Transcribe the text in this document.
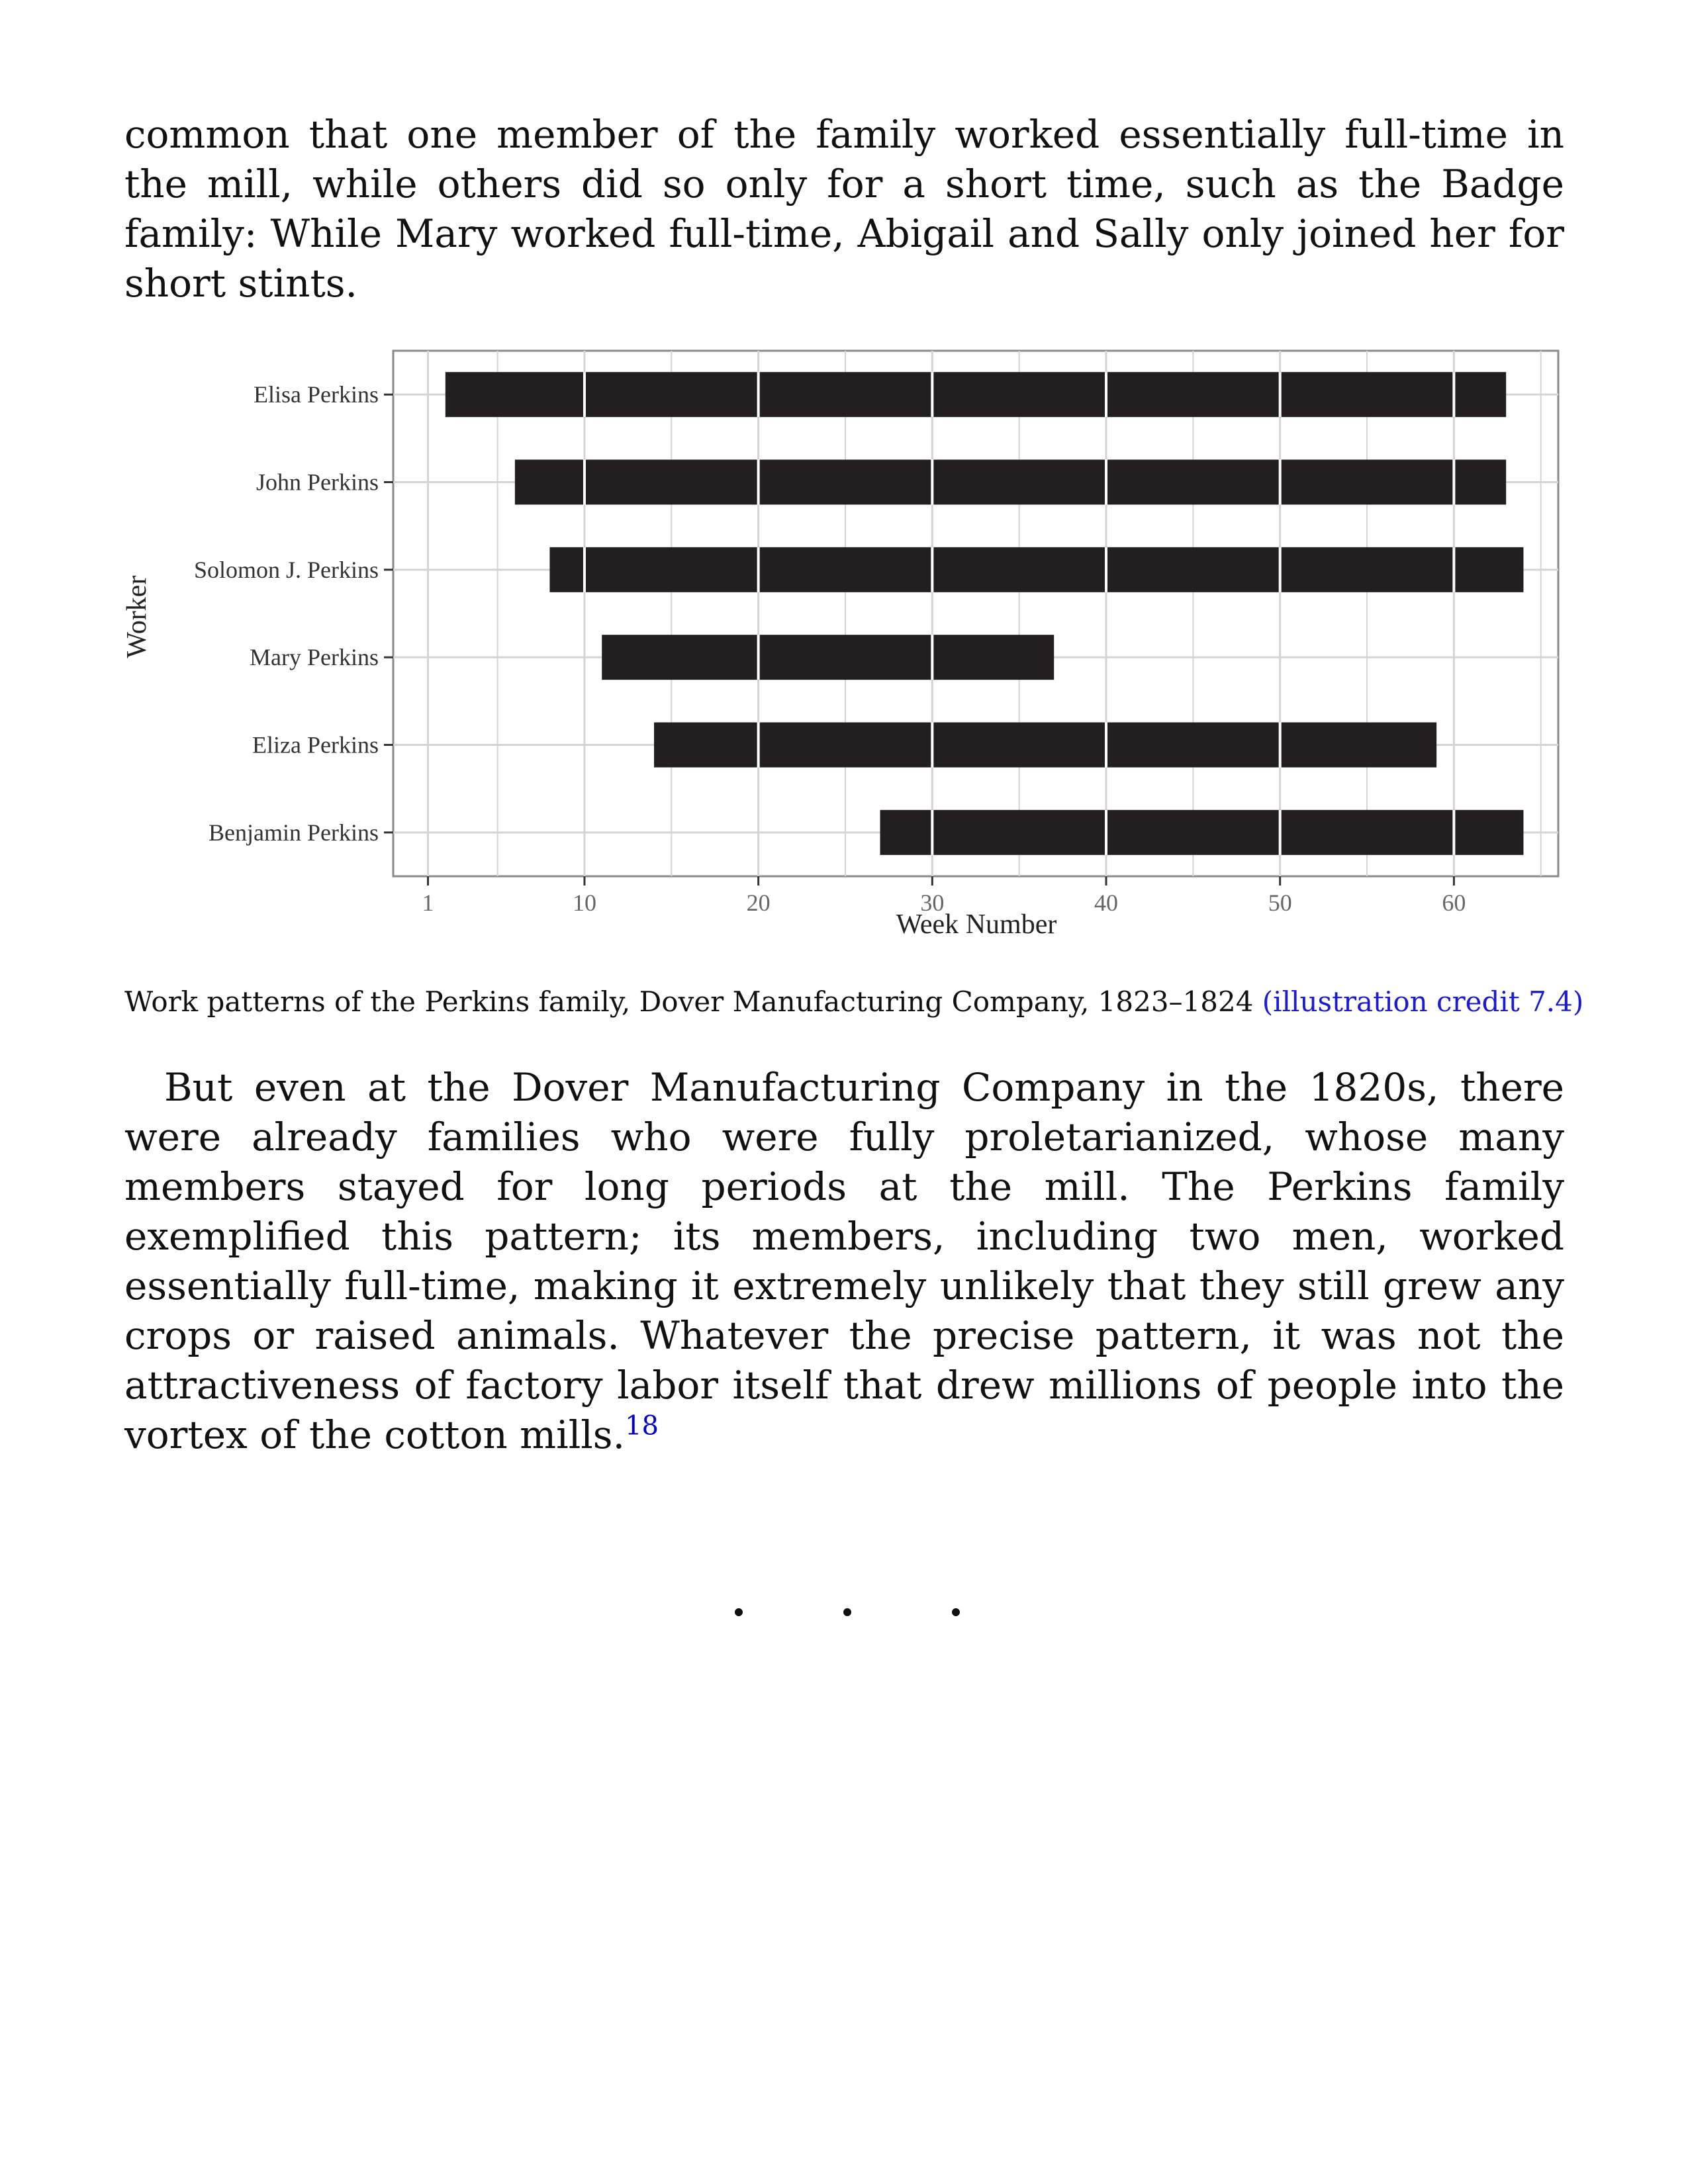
common that one member of the family worked essentially full-time in the mill, while others did so only for a short time, such as the Badge family: While Mary worked full-time, Abigail and Sally only joined her for short stints.

Elisa Perkins
John Perkins
Solomon J. Perkins
Mary Perkins
Eliza Perkins
Benjamin Perkins
1	10	20	30	40	50	60
Week Number
Worker
Work patterns of the Perkins family, Dover Manufacturing Company, 1823–1824 (illustration credit 7.4)

But even at the Dover Manufacturing Company in the 1820s, there were already families who were fully proletarianized, whose many members stayed for long periods at the mill. The Perkins family exemplified this pattern; its members, including two men, worked essentially full-time, making it extremely unlikely that they still grew any crops or raised animals. Whatever the precise pattern, it was not the attractiveness of factory labor itself that drew millions of people into the vortex of the cotton mills.$^{18}$
